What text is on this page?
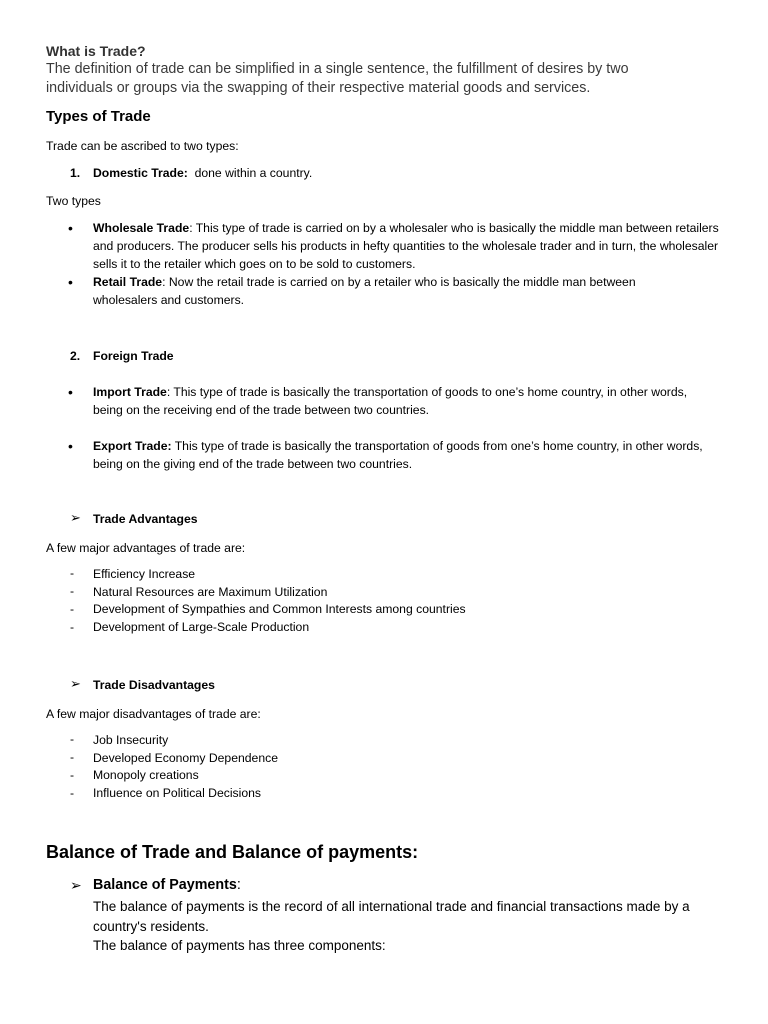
What is Trade?
The definition of trade can be simplified in a single sentence, the fulfillment of desires by two
individuals or groups via the swapping of their respective material goods and services.
Types of Trade
Trade can be ascribed to two types:
1. Domestic Trade:  done within a country.
Two types
• Wholesale Trade: This type of trade is carried on by a wholesaler who is basically the middle man between retailers and producers. The producer sells his products in hefty quantities to the wholesale trader and in turn, the wholesaler sells it to the retailer which goes on to be sold to customers.
• Retail Trade: Now the retail trade is carried on by a retailer who is basically the middle man between wholesalers and customers.
2. Foreign Trade
• Import Trade: This type of trade is basically the transportation of goods to one’s home country, in other words, being on the receiving end of the trade between two countries.
• Export Trade: This type of trade is basically the transportation of goods from one’s home country, in other words, being on the giving end of the trade between two countries.
➢ Trade Advantages
A few major advantages of trade are:
- Efficiency Increase
- Natural Resources are Maximum Utilization
- Development of Sympathies and Common Interests among countries
- Development of Large-Scale Production
➢ Trade Disadvantages
A few major disadvantages of trade are:
- Job Insecurity
- Developed Economy Dependence
- Monopoly creations
- Influence on Political Decisions
Balance of Trade and Balance of payments:
➢ Balance of Payments:
The balance of payments is the record of all international trade and financial transactions made by a country's residents.
The balance of payments has three components:
